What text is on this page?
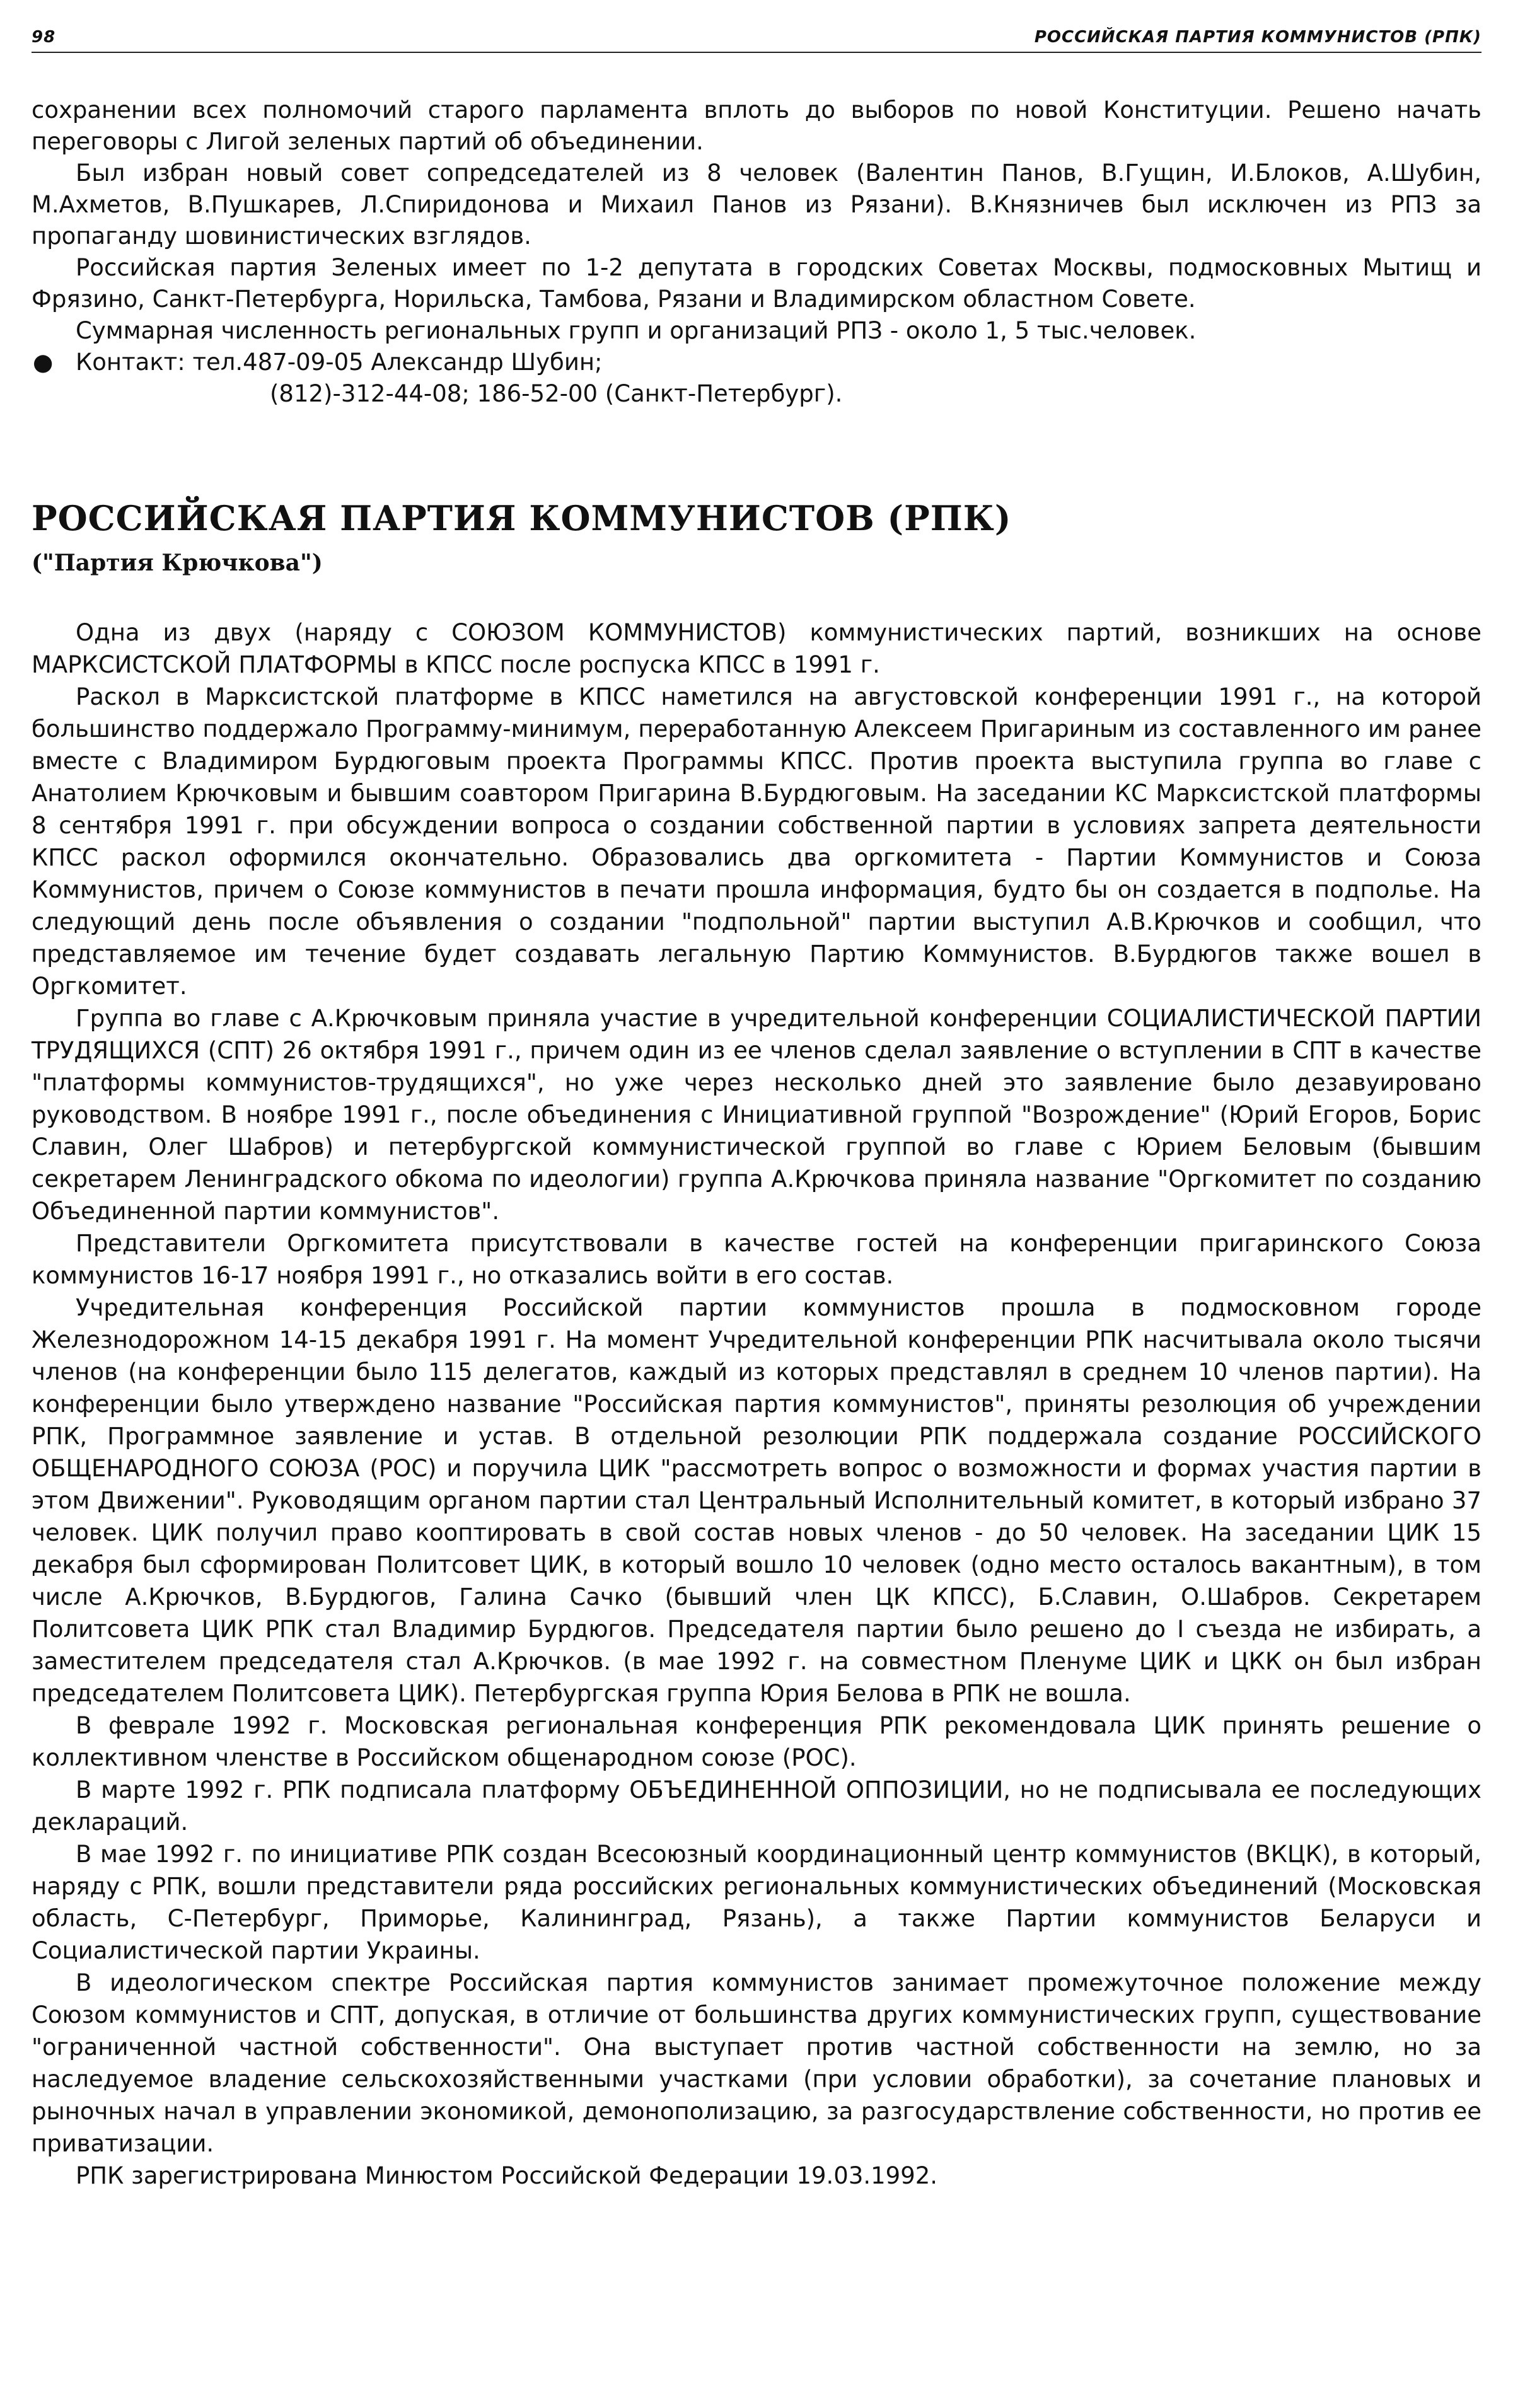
98	РОССИЙСКАЯ ПАРТИЯ КОММУНИСТОВ (РПК)

сохранении всех полномочий старого парламента вплоть до выборов по новой Конституции. Решено начать переговоры с Лигой зеленых партий об объединении.

Был избран новый совет сопредседателей из 8 человек (Валентин Панов, В.Гущин, И.Блоков, А.Шубин, М.Ахметов, В.Пушкарев, Л.Спиридонова и Михаил Панов из Рязани). В.Князничев был исключен из РПЗ за пропаганду шовинистических взглядов.

Российская партия Зеленых имеет по 1-2 депутата в городских Советах Москвы, подмосковных Мытищ и Фрязино, Санкт-Петербурга, Норильска, Тамбова, Рязани и Владимирском областном Совете.

Суммарная численность региональных групп и организаций РПЗ - около 1, 5 тыс.человек.

● Контакт: тел.487-09-05 Александр Шубин;
(812)-312-44-08; 186-52-00 (Санкт-Петербург).
РОССИЙСКАЯ ПАРТИЯ КОММУНИСТОВ (РПК)
("Партия Крючкова")

Одна из двух (наряду с СОЮЗОМ КОММУНИСТОВ) коммунистических партий, возникших на основе МАРКСИСТСКОЙ ПЛАТФОРМЫ в КПСС после роспуска КПСС в 1991 г.

Раскол в Марксистской платформе в КПСС наметился на августовской конференции 1991 г., на которой большинство поддержало Программу-минимум, переработанную Алексеем Пригариным из составленного им ранее вместе с Владимиром Бурдюговым проекта Программы КПСС. Против проекта выступила группа во главе с Анатолием Крючковым и бывшим соавтором Пригарина В.Бурдюговым. На заседании КС Марксистской платформы 8 сентября 1991 г. при обсуждении вопроса о создании собственной партии в условиях запрета деятельности КПСС раскол оформился окончательно. Образовались два оргкомитета - Партии Коммунистов и Союза Коммунистов, причем о Союзе коммунистов в печати прошла информация, будто бы он создается в подполье. На следующий день после объявления о создании "подпольной" партии выступил А.В.Крючков и сообщил, что представляемое им течение будет создавать легальную Партию Коммунистов. В.Бурдюгов также вошел в Оргкомитет.

Группа во главе с А.Крючковым приняла участие в учредительной конференции СОЦИАЛИСТИЧЕСКОЙ ПАРТИИ ТРУДЯЩИХСЯ (СПТ) 26 октября 1991 г., причем один из ее членов сделал заявление о вступлении в СПТ в качестве "платформы коммунистов-трудящихся", но уже через несколько дней это заявление было дезавуировано руководством. В ноябре 1991 г., после объединения с Инициативной группой "Возрождение" (Юрий Егоров, Борис Славин, Олег Шабров) и петербургской коммунистической группой во главе с Юрием Беловым (бывшим секретарем Ленинградского обкома по идеологии) группа А.Крючкова приняла название "Оргкомитет по созданию Объединенной партии коммунистов".

Представители Оргкомитета присутствовали в качестве гостей на конференции пригаринского Союза коммунистов 16-17 ноября 1991 г., но отказались войти в его состав.

Учредительная конференция Российской партии коммунистов прошла в подмосковном городе Железнодорожном 14-15 декабря 1991 г. На момент Учредительной конференции РПК насчитывала около тысячи членов (на конференции было 115 делегатов, каждый из которых представлял в среднем 10 членов партии). На конференции было утверждено название "Российская партия коммунистов", приняты резолюция об учреждении РПК, Программное заявление и устав. В отдельной резолюции РПК поддержала создание РОССИЙСКОГО ОБЩЕНАРОДНОГО СОЮЗА (РОС) и поручила ЦИК "рассмотреть вопрос о возможности и формах участия партии в этом Движении". Руководящим органом партии стал Центральный Исполнительный комитет, в который избрано 37 человек. ЦИК получил право кооптировать в свой состав новых членов - до 50 человек. На заседании ЦИК 15 декабря был сформирован Политсовет ЦИК, в который вошло 10 человек (одно место осталось вакантным), в том числе А.Крючков, В.Бурдюгов, Галина Сачко (бывший член ЦК КПСС), Б.Славин, О.Шабров. Секретарем Политсовета ЦИК РПК стал Владимир Бурдюгов. Председателя партии было решено до I съезда не избирать, а заместителем председателя стал А.Крючков. (в мае 1992 г. на совместном Пленуме ЦИК и ЦКК он был избран председателем Политсовета ЦИК). Петербургская группа Юрия Белова в РПК не вошла.

В феврале 1992 г. Московская региональная конференция РПК рекомендовала ЦИК принять решение о коллективном членстве в Российском общенародном союзе (РОС).

В марте 1992 г. РПК подписала платформу ОБЪЕДИНЕННОЙ ОППОЗИЦИИ, но не подписывала ее последующих деклараций.

В мае 1992 г. по инициативе РПК создан Всесоюзный координационный центр коммунистов (ВКЦК), в который, наряду с РПК, вошли представители ряда российских региональных коммунистических объединений (Московская область, С-Петербург, Приморье, Калининград, Рязань), а также Партии коммунистов Беларуси и Социалистической партии Украины.

В идеологическом спектре Российская партия коммунистов занимает промежуточное положение между Союзом коммунистов и СПТ, допуская, в отличие от большинства других коммунистических групп, существование "ограниченной частной собственности". Она выступает против частной собственности на землю, но за наследуемое владение сельскохозяйственными участками (при условии обработки), за сочетание плановых и рыночных начал в управлении экономикой, демонополизацию, за разгосударствление собственности, но против ее приватизации.

РПК зарегистрирована Минюстом Российской Федерации 19.03.1992.
